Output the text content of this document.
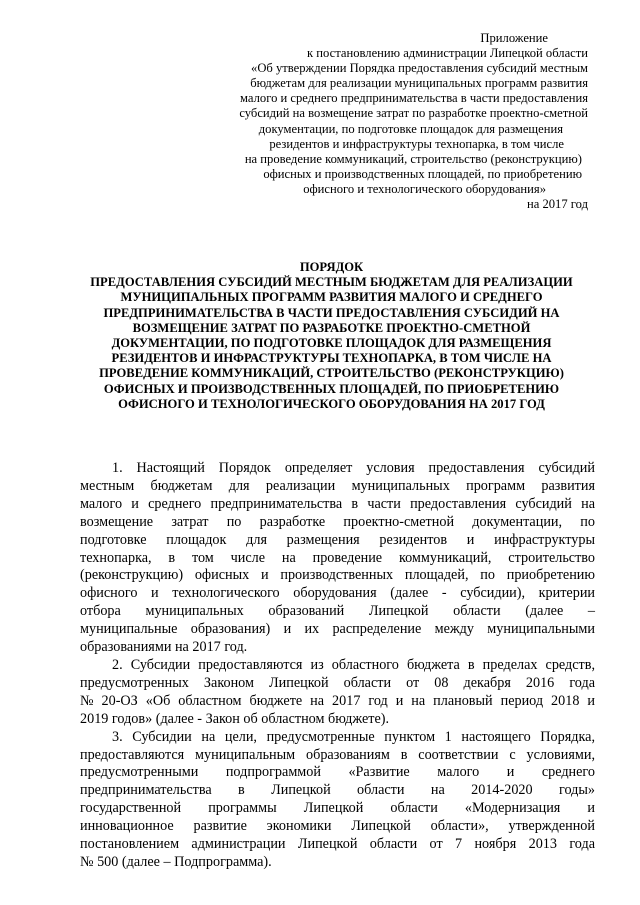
Приложение
к постановлению администрации Липецкой области
«Об утверждении Порядка предоставления субсидий местным
бюджетам для реализации муниципальных программ развития
малого и среднего предпринимательства в части предоставления
субсидий на возмещение затрат по разработке проектно-сметной
документации, по подготовке площадок для размещения
резидентов и инфраструктуры технопарка, в том числе
на проведение коммуникаций, строительство (реконструкцию)
офисных и производственных площадей, по приобретению
офисного и технологического оборудования»
на 2017 год
ПОРЯДОК
ПРЕДОСТАВЛЕНИЯ СУБСИДИЙ МЕСТНЫМ БЮДЖЕТАМ ДЛЯ РЕАЛИЗАЦИИ
МУНИЦИПАЛЬНЫХ ПРОГРАММ РАЗВИТИЯ МАЛОГО И СРЕДНЕГО
ПРЕДПРИНИМАТЕЛЬСТВА В ЧАСТИ ПРЕДОСТАВЛЕНИЯ СУБСИДИЙ НА
ВОЗМЕЩЕНИЕ ЗАТРАТ ПО РАЗРАБОТКЕ ПРОЕКТНО-СМЕТНОЙ
ДОКУМЕНТАЦИИ, ПО ПОДГОТОВКЕ ПЛОЩАДОК ДЛЯ РАЗМЕЩЕНИЯ
РЕЗИДЕНТОВ И ИНФРАСТРУКТУРЫ ТЕХНОПАРКА, В ТОМ ЧИСЛЕ НА
ПРОВЕДЕНИЕ КОММУНИКАЦИЙ, СТРОИТЕЛЬСТВО (РЕКОНСТРУКЦИЮ)
ОФИСНЫХ И ПРОИЗВОДСТВЕННЫХ ПЛОЩАДЕЙ, ПО ПРИОБРЕТЕНИЮ
ОФИСНОГО И ТЕХНОЛОГИЧЕСКОГО ОБОРУДОВАНИЯ НА 2017 ГОД
1. Настоящий Порядок определяет условия предоставления субсидий
местным бюджетам для реализации муниципальных программ развития
малого и среднего предпринимательства в части предоставления субсидий на
возмещение затрат по разработке проектно-сметной документации, по
подготовке площадок для размещения резидентов и инфраструктуры
технопарка, в том числе на проведение коммуникаций, строительство
(реконструкцию) офисных и производственных площадей, по приобретению
офисного и технологического оборудования (далее - субсидии), критерии
отбора муниципальных образований Липецкой области (далее –
муниципальные образования) и их распределение между муниципальными
образованиями на 2017 год.
2. Субсидии предоставляются из областного бюджета в пределах средств,
предусмотренных Законом Липецкой области от 08 декабря 2016 года
№ 20-ОЗ «Об областном бюджете на 2017 год и на плановый период 2018 и
2019 годов» (далее - Закон об областном бюджете).
3. Субсидии на цели, предусмотренные пунктом 1 настоящего Порядка,
предоставляются муниципальным образованиям в соответствии с условиями,
предусмотренными подпрограммой «Развитие малого и среднего
предпринимательства в Липецкой области на 2014-2020 годы»
государственной программы Липецкой области «Модернизация и
инновационное развитие экономики Липецкой области», утвержденной
постановлением администрации Липецкой области от 7 ноября 2013 года
№ 500 (далее – Подпрограмма).
